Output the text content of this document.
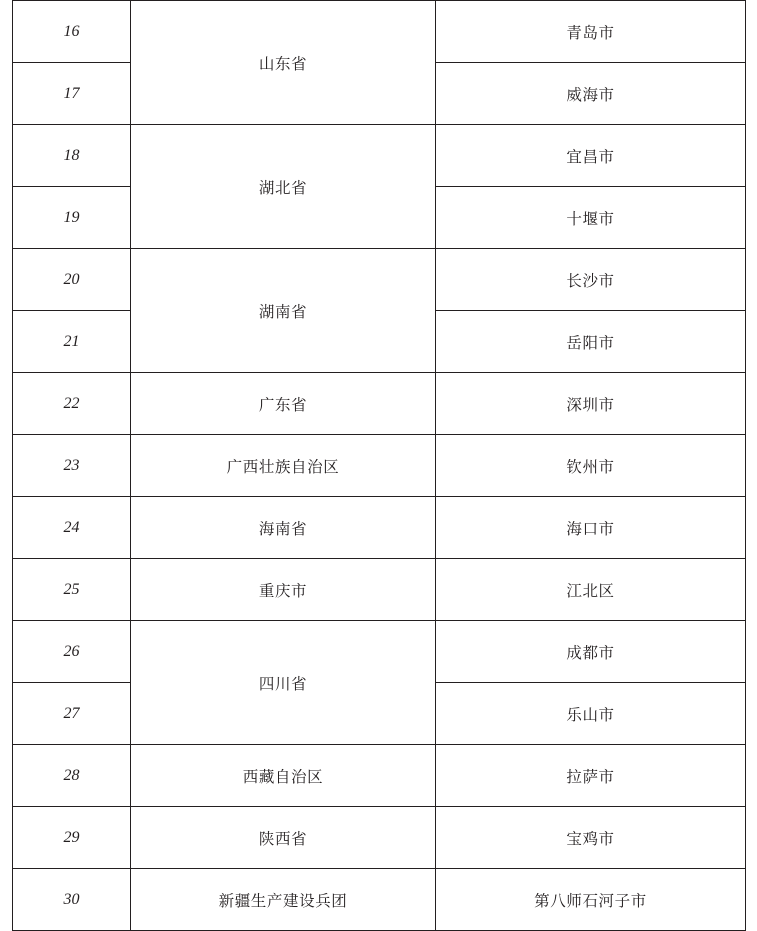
16	山东省	青岛市
17		威海市
18	湖北省	宜昌市
19		十堰市
20	湖南省	长沙市
21		岳阳市
22	广东省	深圳市
23	广西壮族自治区	钦州市
24	海南省	海口市
25	重庆市	江北区
26	四川省	成都市
27		乐山市
28	西藏自治区	拉萨市
29	陕西省	宝鸡市
30	新疆生产建设兵团	第八师石河子市
